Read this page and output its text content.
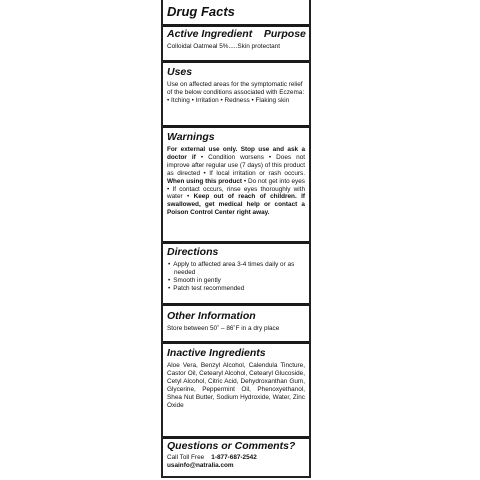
Drug Facts
Active Ingredient Purpose
Colloidal Oatmeal 5%.....Skin protectant
Uses
Use on affected areas for the symptomatic relief of the below conditions associated with Eczema: • Itching • Irritation • Redness • Flaking skin
Warnings
For external use only. Stop use and ask a doctor if • Condition worsens • Does not improve after regular use (7 days) of this product as directed • If local irritation or rash occurs. When using this product • Do not get into eyes • If contact occurs, rinse eyes thoroughly with water • Keep out of reach of children. If swallowed, get medical help or contact a Poison Control Center right away.
Directions
• Apply to affected area 3-4 times daily or as needed
• Smooth in gently
• Patch test recommended
Other Information
Store between 50˚ – 86˚F in a dry place
Inactive Ingredients
Aloe Vera, Benzyl Alcohol, Calendula Tincture, Castor Oil, Cetearyl Alcohol, Cetearyl Glucoside, Cetyl Alcohol, Citric Acid, Dehydroxanthan Gum, Glycerine, Peppermint Oil, Phenoxyethanol, Shea Nut Butter, Sodium Hydroxide, Water, Zinc Oxide
Questions or Comments?
Call Toll Free 1-877-687-2542
usainfo@natralia.com
